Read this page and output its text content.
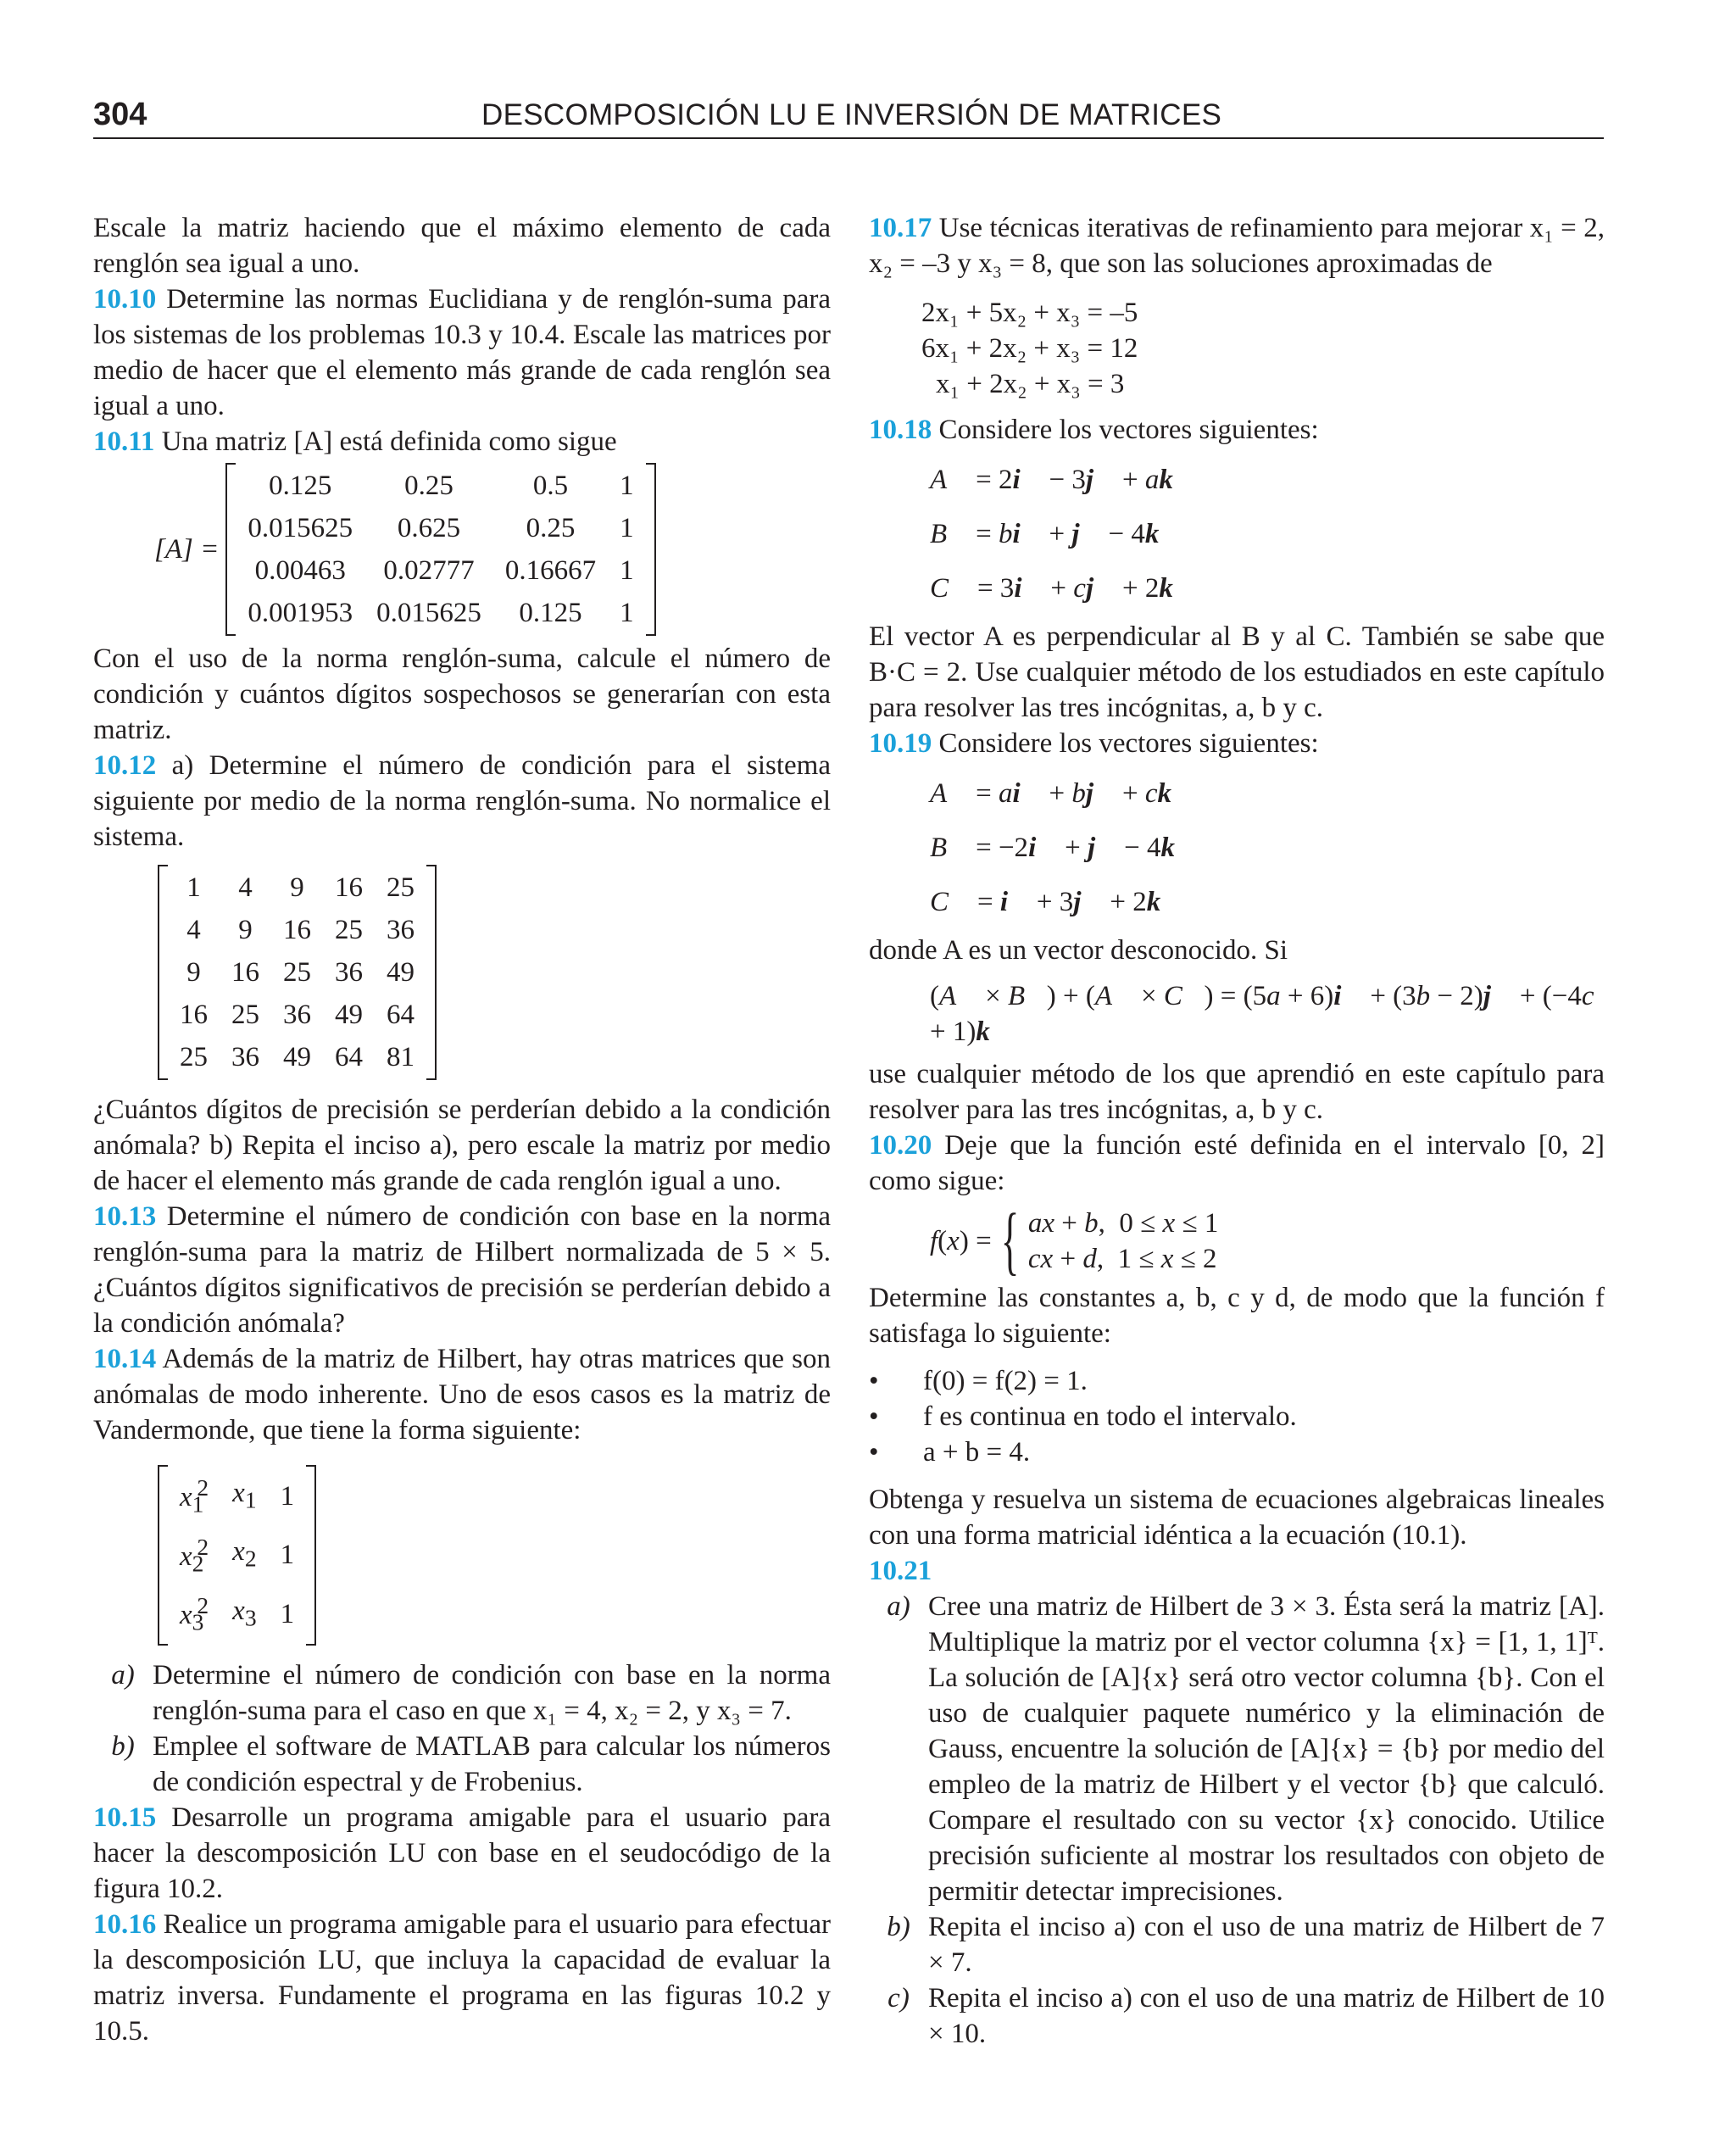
304	DESCOMPOSICIÓN LU E INVERSIÓN DE MATRICES

Escale la matriz haciendo que el máximo elemento de cada renglón sea igual a uno.

10.10 Determine las normas Euclidiana y de renglón-suma para los sistemas de los problemas 10.3 y 10.4. Escale las matrices por medio de hacer que el elemento más grande de cada renglón sea igual a uno.

10.11 Una matriz [A] está definida como sigue

[A] =
0.125	0.25	0.5	1
0.015625	0.625	0.25	1
0.00463	0.02777	0.16667	1
0.001953	0.015625	0.125	1

Con el uso de la norma renglón-suma, calcule el número de condición y cuántos dígitos sospechosos se generarían con esta matriz.

10.12 a) Determine el número de condición para el sistema siguiente por medio de la norma renglón-suma. No normalice el sistema.

1	4	9	16	25
4	9	16	25	36
9	16	25	36	49
16	25	36	49	64
25	36	49	64	81

¿Cuántos dígitos de precisión se perderían debido a la condición anómala? b) Repita el inciso a), pero escale la matriz por medio de hacer el elemento más grande de cada renglón igual a uno.

10.13 Determine el número de condición con base en la norma renglón-suma para la matriz de Hilbert normalizada de 5 × 5. ¿Cuántos dígitos significativos de precisión se perderían debido a la condición anómala?

10.14 Además de la matriz de Hilbert, hay otras matrices que son anómalas de modo inherente. Uno de esos casos es la matriz de Vandermonde, que tiene la forma siguiente:

$x_1^2$	$x_1$	1
$x_2^2$	$x_2$	1
$x_3^2$	$x_3$	1
a) Determine el número de condición con base en la norma renglón-suma para el caso en que x₁ = 4, x₂ = 2, y x₃ = 7.
b) Emplee el software de MATLAB para calcular los números de condición espectral y de Frobenius.

10.15 Desarrolle un programa amigable para el usuario para hacer la descomposición LU con base en el seudocódigo de la figura 10.2.

10.16 Realice un programa amigable para el usuario para efectuar la descomposición LU, que incluya la capacidad de evaluar la matriz inversa. Fundamente el programa en las figuras 10.2 y 10.5.

10.17 Use técnicas iterativas de refinamiento para mejorar x₁ = 2, x₂ = –3 y x₃ = 8, que son las soluciones aproximadas de

2x₁ + 5x₂ + x₃ = –5
6x₁ + 2x₂ + x₃ = 12
x₁ + 2x₂ + x₃ = 3

10.18 Considere los vectores siguientes:

A⃗ = 2i⃗ − 3j⃗ + ak⃗
B⃗ = bi⃗ + j⃗ − 4k⃗
C⃗ = 3i⃗ + cj⃗ + 2k⃗

El vector A es perpendicular al B y al C. También se sabe que B·C = 2. Use cualquier método de los estudiados en este capítulo para resolver las tres incógnitas, a, b y c.

10.19 Considere los vectores siguientes:

A⃗ = ai⃗ + bj⃗ + ck⃗
B⃗ = −2i⃗ + j⃗ − 4k⃗
C⃗ = i⃗ + 3j⃗ + 2k⃗

donde A es un vector desconocido. Si

(A⃗ × B⃗) + (A⃗ × C⃗) = (5a + 6)i⃗ + (3b − 2)j⃗ + (−4c + 1)k⃗

use cualquier método de los que aprendió en este capítulo para resolver para las tres incógnitas, a, b y c.

10.20 Deje que la función esté definida en el intervalo [0, 2] como sigue:

f(x) = { ax + b,  0 ≤ x ≤ 1
cx + d,  1 ≤ x ≤ 2

Determine las constantes a, b, c y d, de modo que la función f satisfaga lo siguiente:

•	f(0) = f(2) = 1.
•	f es continua en todo el intervalo.
•	a + b = 4.

Obtenga y resuelva un sistema de ecuaciones algebraicas lineales con una forma matricial idéntica a la ecuación (10.1).

10.21

a) Cree una matriz de Hilbert de 3 × 3. Ésta será la matriz [A]. Multiplique la matriz por el vector columna {x} = [1, 1, 1]ᵀ. La solución de [A]{x} será otro vector columna {b}. Con el uso de cualquier paquete numérico y la eliminación de Gauss, encuentre la solución de [A]{x} = {b} por medio del empleo de la matriz de Hilbert y el vector {b} que calculó. Compare el resultado con su vector {x} conocido. Utilice precisión suficiente al mostrar los resultados con objeto de permitir detectar imprecisiones.
b) Repita el inciso a) con el uso de una matriz de Hilbert de 7 × 7.
c) Repita el inciso a) con el uso de una matriz de Hilbert de 10 × 10.
